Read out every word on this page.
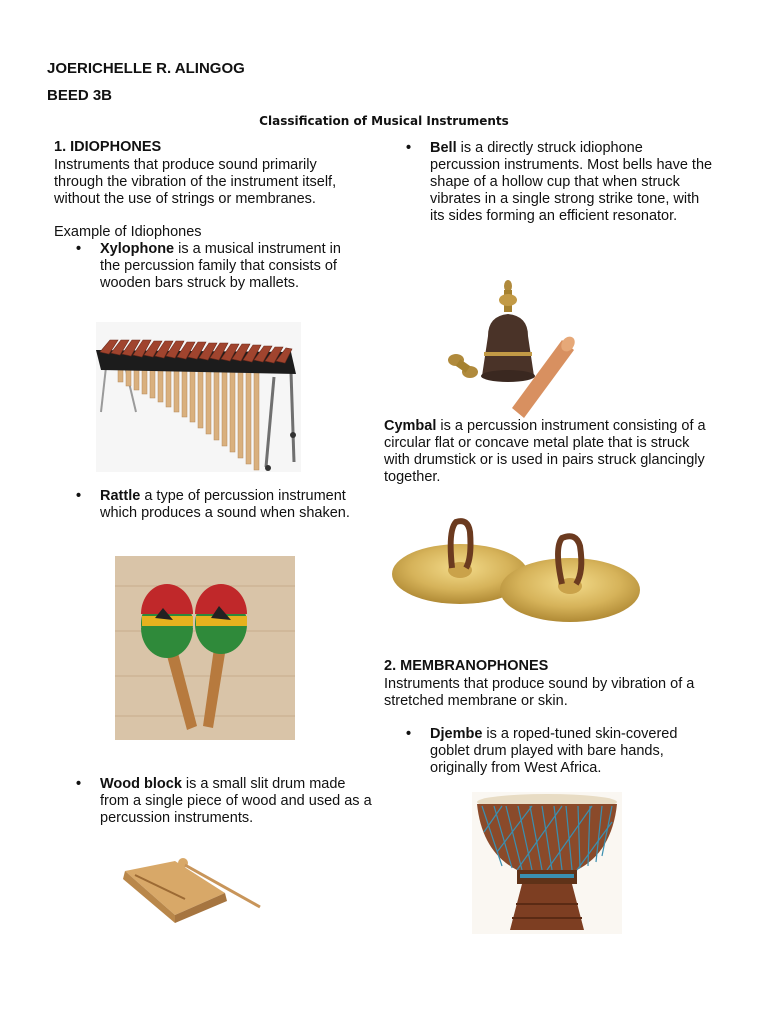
JOERICHELLE R. ALINGOG
BEED 3B
Classification of Musical Instruments
1. IDIOPHONES
Instruments that produce sound primarily through the vibration of the instrument itself, without the use of strings or membranes.
Example of Idiophones
• Xylophone is a musical instrument in the percussion family that consists of wooden bars struck by mallets.
• Rattle a type of percussion instrument which produces a sound when shaken.
• Wood block is a small slit drum made from a single piece of wood and used as a percussion instruments.
• Bell is a directly struck idiophone percussion instruments. Most bells have the shape of a hollow cup that when struck vibrates in a single strong strike tone, with its sides forming an efficient resonator.
Cymbal is a percussion instrument consisting of a circular flat or concave metal plate that is struck with drumstick or is used in pairs struck glancingly together.
2. MEMBRANOPHONES
Instruments that produce sound by vibration of a stretched membrane or skin.
• Djembe is a roped-tuned skin-covered goblet drum played with bare hands, originally from West Africa.
